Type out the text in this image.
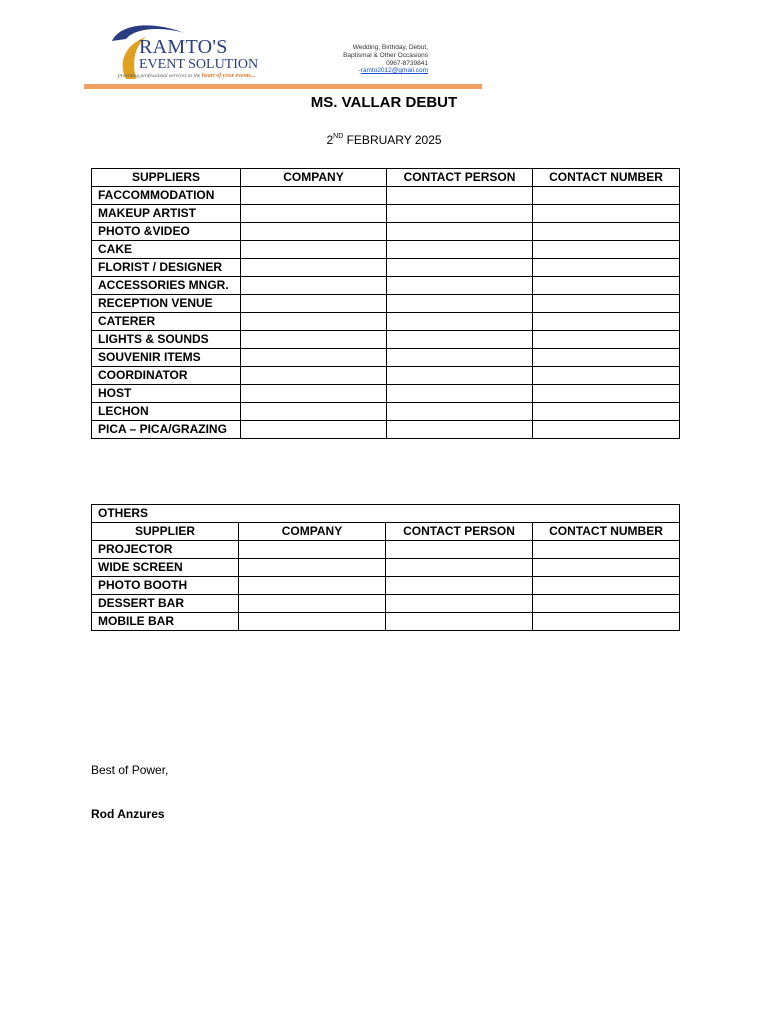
RAMTO'S
EVENT SOLUTION
providing professional services to the heart of your events...
Wedding, Birthday, Debut,
Baptismal & Other Occasions
0967-8739841
-ramto2012@gmail.com
MS. VALLAR DEBUT
2ND FEBRUARY 2025
SUPPLIERS	COMPANY	CONTACT PERSON	CONTACT NUMBER
FACCOMMODATION			
MAKEUP ARTIST			
PHOTO &VIDEO			
CAKE			
FLORIST / DESIGNER			
ACCESSORIES MNGR.			
RECEPTION VENUE			
CATERER			
LIGHTS & SOUNDS			
SOUVENIR ITEMS			
COORDINATOR			
HOST			
LECHON			
PICA – PICA/GRAZING			
OTHERS			
SUPPLIER	COMPANY	CONTACT PERSON	CONTACT NUMBER
PROJECTOR			
WIDE SCREEN			
PHOTO BOOTH			
DESSERT BAR			
MOBILE BAR			
Best of Power,
Rod Anzures
